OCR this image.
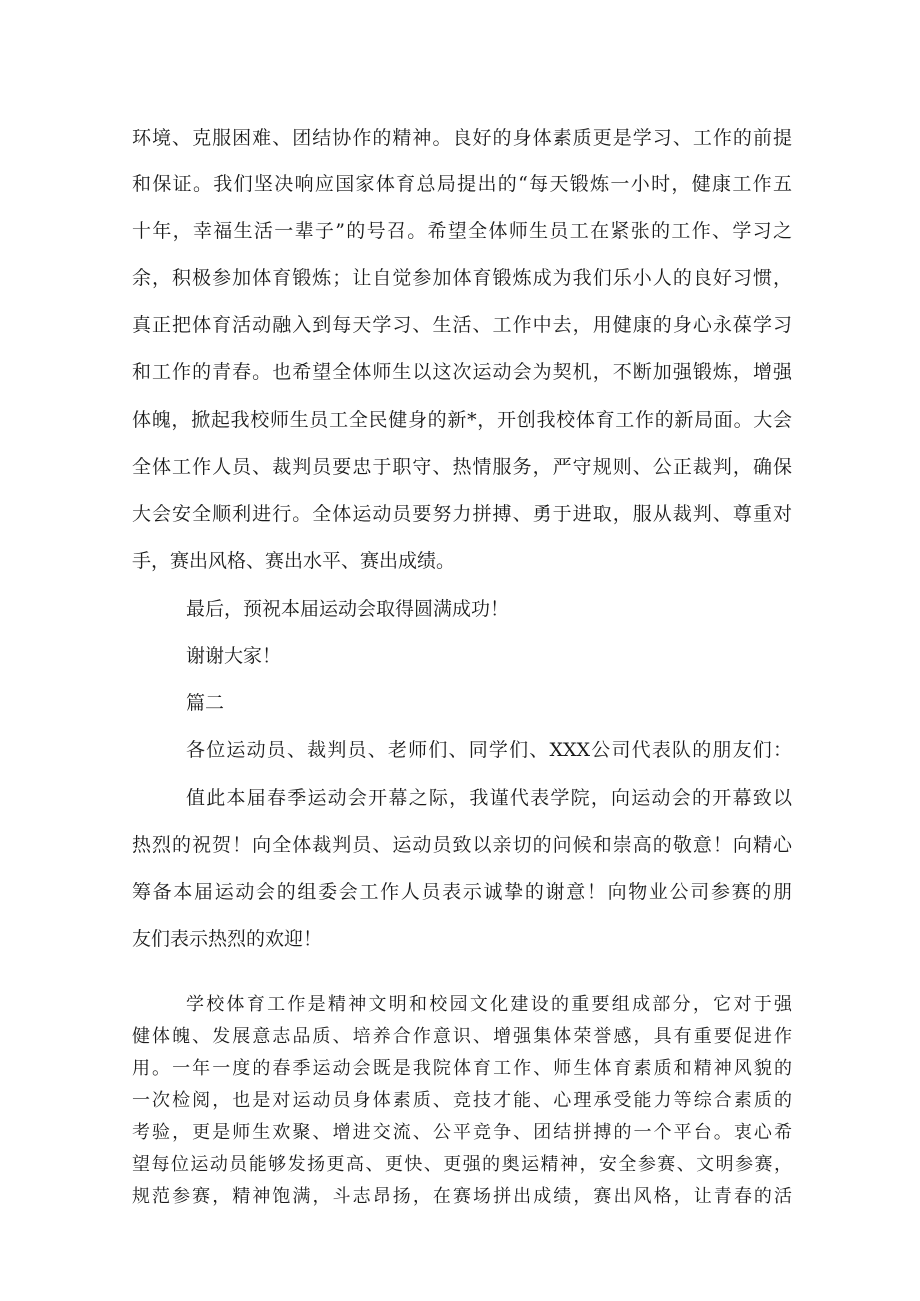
环境、克服困难、团结协作的精神。良好的身体素质更是学习、工作的前提
和保证。我们坚决响应国家体育总局提出的“每天锻炼一小时，健康工作五
十年，幸福生活一辈子”的号召。希望全体师生员工在紧张的工作、学习之
余，积极参加体育锻炼；让自觉参加体育锻炼成为我们乐小人的良好习惯，
真正把体育活动融入到每天学习、生活、工作中去，用健康的身心永葆学习
和工作的青春。也希望全体师生以这次运动会为契机，不断加强锻炼，增强
体魄，掀起我校师生员工全民健身的新*，开创我校体育工作的新局面。大会
全体工作人员、裁判员要忠于职守、热情服务，严守规则、公正裁判，确保
大会安全顺利进行。全体运动员要努力拼搏、勇于进取，服从裁判、尊重对
手，赛出风格、赛出水平、赛出成绩。
最后，预祝本届运动会取得圆满成功！
谢谢大家！
篇二
各位运动员、裁判员、老师们、同学们、XXX公司代表队的朋友们：
值此本届春季运动会开幕之际，我谨代表学院，向运动会的开幕致以
热烈的祝贺！向全体裁判员、运动员致以亲切的问候和崇高的敬意！向精心
筹备本届运动会的组委会工作人员表示诚挚的谢意！向物业公司参赛的朋
友们表示热烈的欢迎！
学校体育工作是精神文明和校园文化建设的重要组成部分，它对于强
健体魄、发展意志品质、培养合作意识、增强集体荣誉感，具有重要促进作
用。一年一度的春季运动会既是我院体育工作、师生体育素质和精神风貌的
一次检阅，也是对运动员身体素质、竞技才能、心理承受能力等综合素质的
考验，更是师生欢聚、增进交流、公平竞争、团结拼搏的一个平台。衷心希
望每位运动员能够发扬更高、更快、更强的奥运精神，安全参赛、文明参赛，
规范参赛，精神饱满，斗志昂扬，在赛场拼出成绩，赛出风格，让青春的活
